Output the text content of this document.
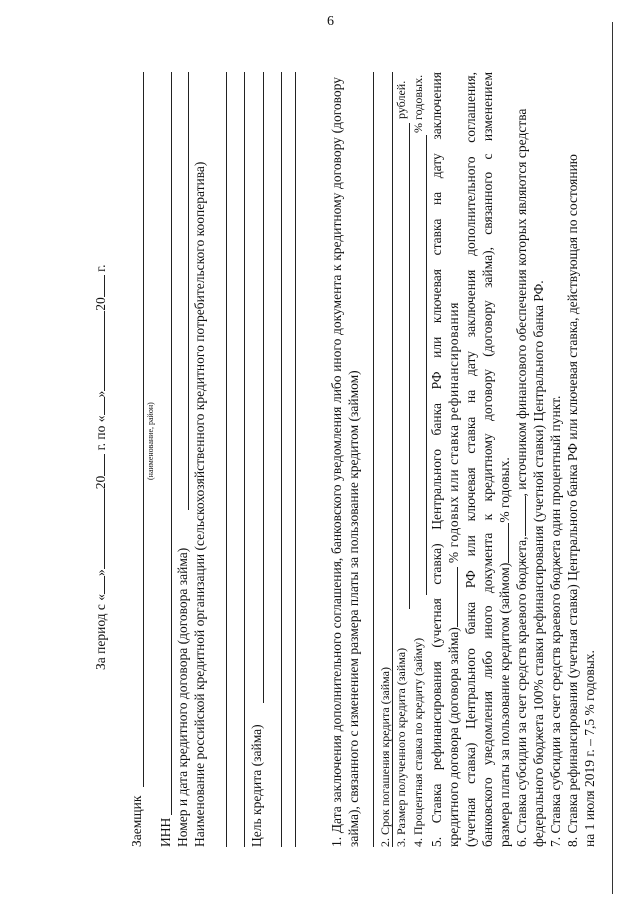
6
За период с «»20 г. по «»20 г.
Заемщик
(наименование, район)
ИНН Номер и дата кредитного договора (договора займа) Наименование российской кредитной организации (сельскохозяйственного кредитного потребительского кооператива)	Цель кредита (займа)	1. Дата заключения дополнительного соглашения, банковского уведомления либо иного документа к кредитному договору (договору займа), связанного с изменением размера платы за пользование кредитом (займом) 2. Срок погашения кредита (займа) 3. Размер полученного кредита (займа)
рублей.
4. Процентная ставка по кредиту (займу)
% годовых. 5. Ставка рефинансирования (учетная ставка) Центрального банка РФ или ключевая ставка на дату заключения кредитного договора (договора займа)% годовых или ставка рефинансирования (учетная ставка) Центрального банка РФ или ключевая ставка на дату заключения дополнительного соглашения, банковского уведомления либо иного документа к кредитному договору (договору займа), связанного с изменением размера платы за пользование кредитом (займом)% годовых.
6. Ставка субсидии за счет средств краевого бюджета,, источником финансового обеспечения которых являются средства федерального бюджета 100% ставки рефинансирования (учетной ставки) Центрального банка РФ. 7. Ставка субсидии за счет средств краевого бюджета один процентный пункт. 8. Ставка рефинансирования (учетная ставка) Центрального банка РФ или ключевая ставка, действующая по состоянию на 1 июля 2019 г. – 7,5 % годовых.
